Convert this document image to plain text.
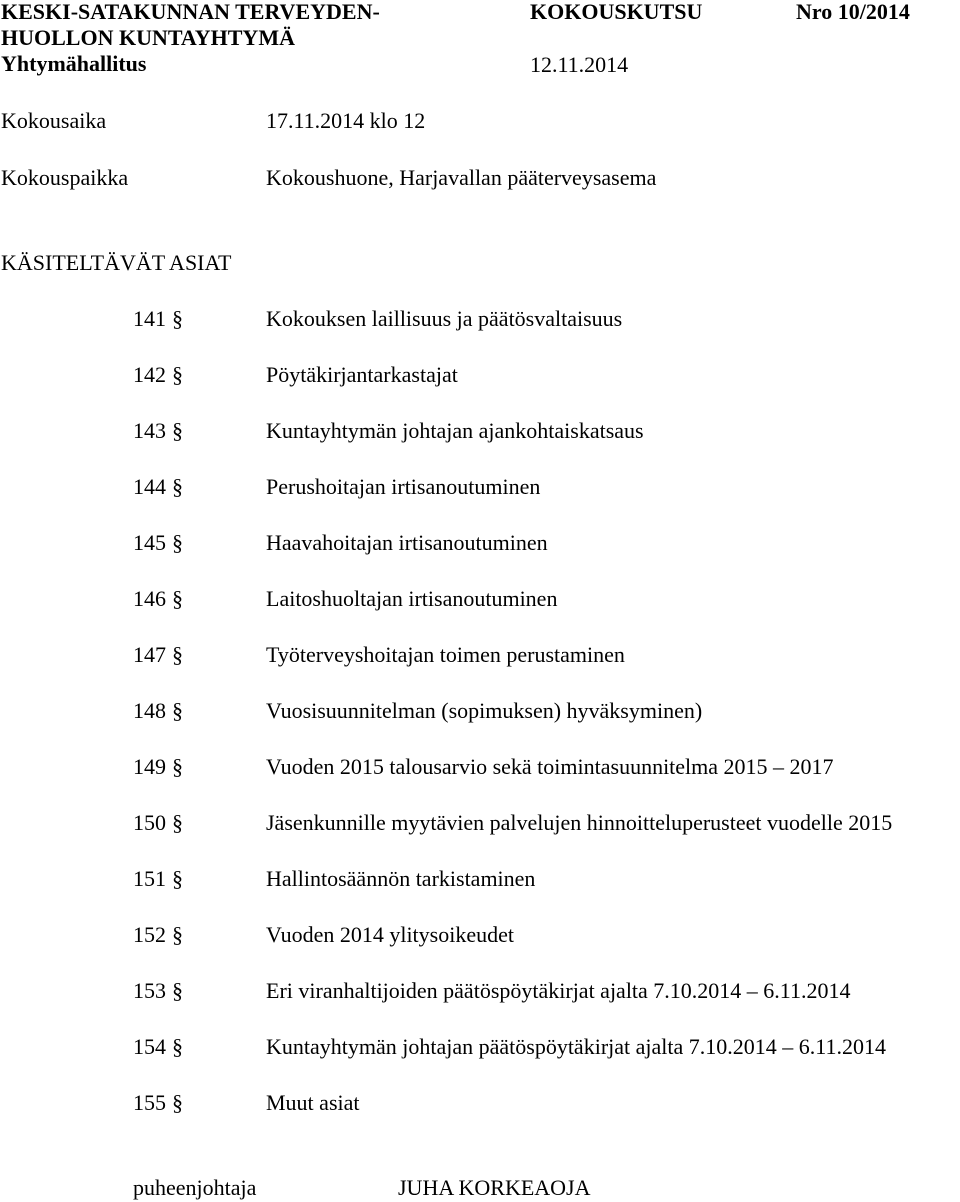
KESKI-SATAKUNNAN TERVEYDEN-	KOKOUSKUTSU	Nro 10/2014
HUOLLON KUNTAYHTYMÄ
Yhtymähallitus	12.11.2014
Kokousaika	17.11.2014 klo 12
Kokouspaikka	Kokoushuone, Harjavallan pääterveysasema
KÄSITELTÄVÄT ASIAT
141 §	Kokouksen laillisuus ja päätösvaltaisuus
142 §	Pöytäkirjantarkastajat
143 §	Kuntayhtymän johtajan ajankohtaiskatsaus
144 §	Perushoitajan irtisanoutuminen
145 §	Haavahoitajan irtisanoutuminen
146 §	Laitoshuoltajan irtisanoutuminen
147 §	Työterveyshoitajan toimen perustaminen
148 §	Vuosisuunnitelman (sopimuksen) hyväksyminen)
149 §	Vuoden 2015 talousarvio sekä toimintasuunnitelma 2015 – 2017
150 §	Jäsenkunnille myytävien palvelujen hinnoitteluperusteet vuodelle 2015
151 §	Hallintosäännön tarkistaminen
152 §	Vuoden 2014 ylitysoikeudet
153 §	Eri viranhaltijoiden päätöspöytäkirjat ajalta 7.10.2014 – 6.11.2014
154 §	Kuntayhtymän johtajan päätöspöytäkirjat ajalta 7.10.2014 – 6.11.2014
155 §	Muut asiat
puheenjohtaja	JUHA KORKEAOJA
